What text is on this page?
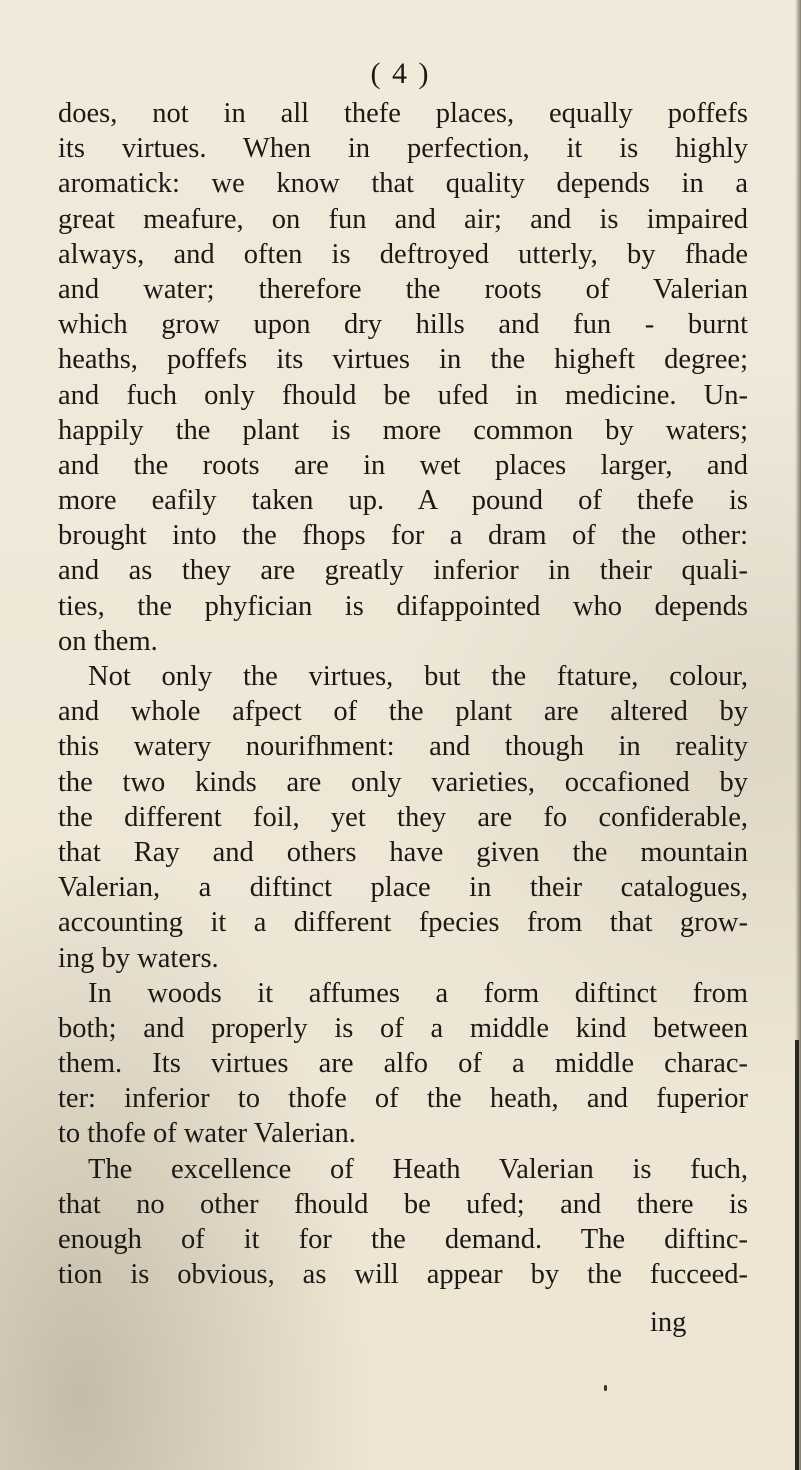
( 4 )
does, not in all thefe places, equally poffefs
its virtues. When in perfection, it is highly
aromatick: we know that quality depends in a
great meafure, on fun and air; and is impaired
always, and often is deftroyed utterly, by fhade
and water; therefore the roots of Valerian
which grow upon dry hills and fun - burnt
heaths, poffefs its virtues in the higheft degree;
and fuch only fhould be ufed in medicine. Un-
happily the plant is more common by waters;
and the roots are in wet places larger, and
more eafily taken up. A pound of thefe is
brought into the fhops for a dram of the other:
and as they are greatly inferior in their quali-
ties, the phyfician is difappointed who depends
on them.
Not only the virtues, but the ftature, colour,
and whole afpect of the plant are altered by
this watery nourifhment: and though in reality
the two kinds are only varieties, occafioned by
the different foil, yet they are fo confiderable,
that Ray and others have given the mountain
Valerian, a diftinct place in their catalogues,
accounting it a different fpecies from that grow-
ing by waters.
In woods it affumes a form diftinct from
both; and properly is of a middle kind between
them. Its virtues are alfo of a middle charac-
ter: inferior to thofe of the heath, and fuperior
to thofe of water Valerian.
The excellence of Heath Valerian is fuch,
that no other fhould be ufed; and there is
enough of it for the demand. The diftinc-
tion is obvious, as will appear by the fucceed-
ing
